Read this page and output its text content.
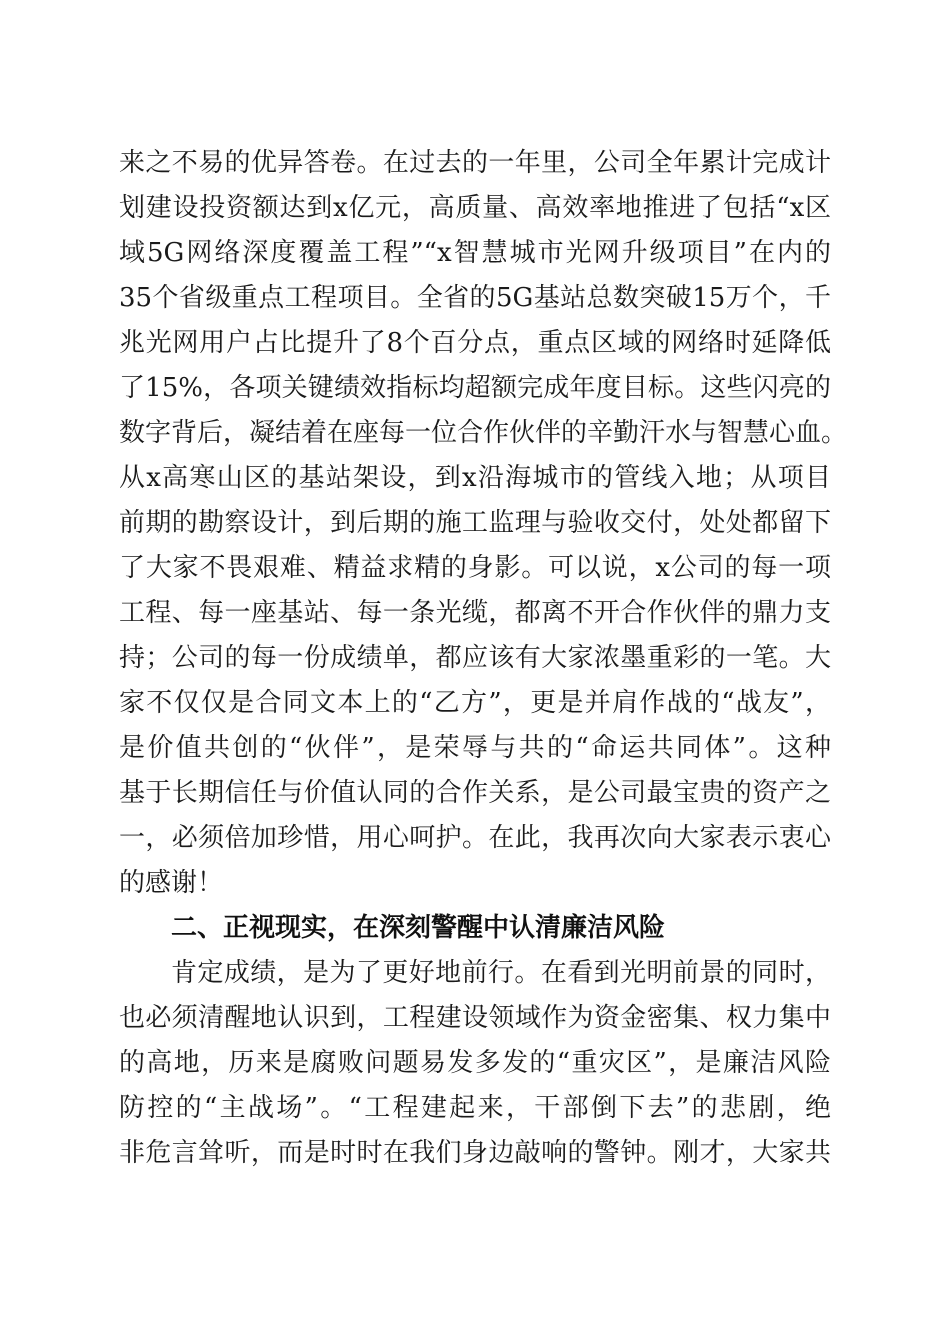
来之不易的优异答卷。在过去的一年里，公司全年累计完成计
划建设投资额达到x亿元，高质量、高效率地推进了包括“x区
域5G网络深度覆盖工程”“x智慧城市光网升级项目”在内的
35个省级重点工程项目。全省的5G基站总数突破15万个，千
兆光网用户占比提升了8个百分点，重点区域的网络时延降低
了15%，各项关键绩效指标均超额完成年度目标。这些闪亮的
数字背后，凝结着在座每一位合作伙伴的辛勤汗水与智慧心血。
从x高寒山区的基站架设，到x沿海城市的管线入地；从项目
前期的勘察设计，到后期的施工监理与验收交付，处处都留下
了大家不畏艰难、精益求精的身影。可以说，x公司的每一项
工程、每一座基站、每一条光缆，都离不开合作伙伴的鼎力支
持；公司的每一份成绩单，都应该有大家浓墨重彩的一笔。大
家不仅仅是合同文本上的“乙方”，更是并肩作战的“战友”，
是价值共创的“伙伴”，是荣辱与共的“命运共同体”。这种
基于长期信任与价值认同的合作关系，是公司最宝贵的资产之
一，必须倍加珍惜，用心呵护。在此，我再次向大家表示衷心
的感谢！
二、正视现实，在深刻警醒中认清廉洁风险
肯定成绩，是为了更好地前行。在看到光明前景的同时，
也必须清醒地认识到，工程建设领域作为资金密集、权力集中
的高地，历来是腐败问题易发多发的“重灾区”，是廉洁风险
防控的“主战场”。“工程建起来，干部倒下去”的悲剧，绝
非危言耸听，而是时时在我们身边敲响的警钟。刚才，大家共
